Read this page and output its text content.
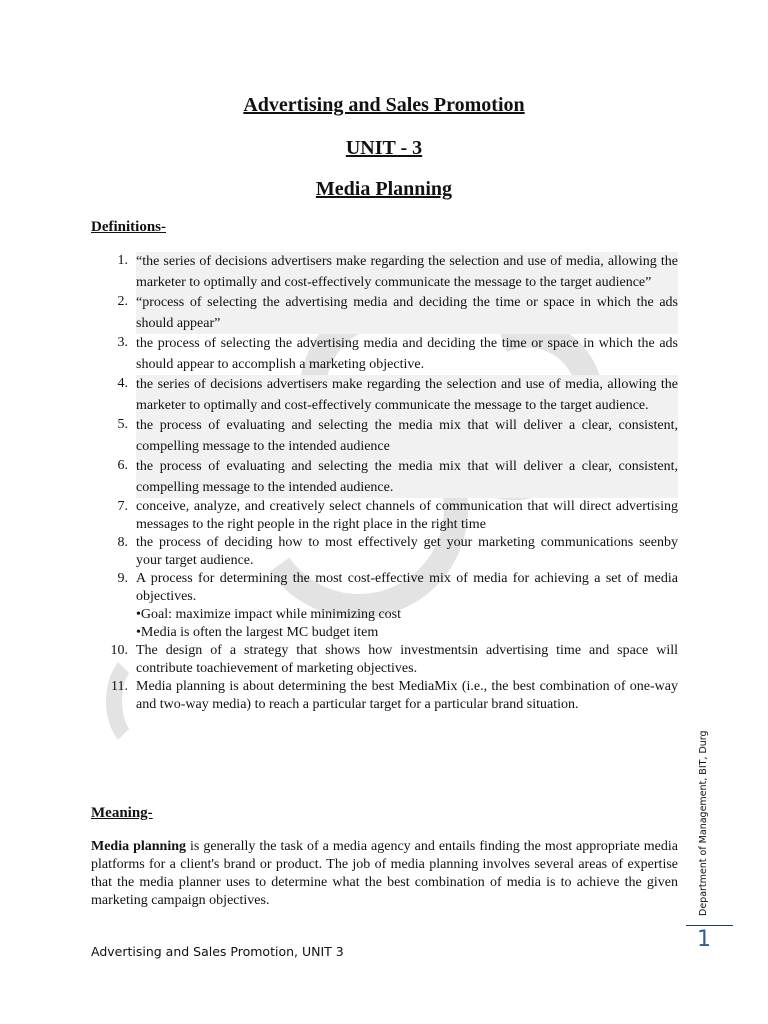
Advertising and Sales Promotion
UNIT - 3
Media Planning
Definitions-
1. “the series of decisions advertisers make regarding the selection and use of media, allowing the marketer to optimally and cost-effectively communicate the message to the target audience”
2. “process of selecting the advertising media and deciding the time or space in which the ads should appear”
3. the process of selecting the advertising media and deciding the time or space in which the ads should appear to accomplish a marketing objective.
4. the series of decisions advertisers make regarding the selection and use of media, allowing the marketer to optimally and cost-effectively communicate the message to the target audience.
5. the process of evaluating and selecting the media mix that will deliver a clear, consistent, compelling message to the intended audience
6. the process of evaluating and selecting the media mix that will deliver a clear, consistent, compelling message to the intended audience.
7. conceive, analyze, and creatively select channels of communication that will direct advertising messages to the right people in the right place in the right time
8. the process of deciding how to most effectively get your marketing communications seenby your target audience.
9. A process for determining the most cost-effective mix of media for achieving a set of media objectives.
•Goal: maximize impact while minimizing cost
•Media is often the largest MC budget item
10. The design of a strategy that shows how investmentsin advertising time and space will contribute toachievement of marketing objectives.
11. Media planning is about determining the best MediaMix (i.e., the best combination of one-way and two-way media) to reach a particular target for a particular brand situation.
Meaning-
Media planning is generally the task of a media agency and entails finding the most appropriate media platforms for a client's brand or product. The job of media planning involves several areas of expertise that the media planner uses to determine what the best combination of media is to achieve the given marketing campaign objectives.
Advertising and Sales Promotion, UNIT 3
Department of Management, BIT, Durg
1
